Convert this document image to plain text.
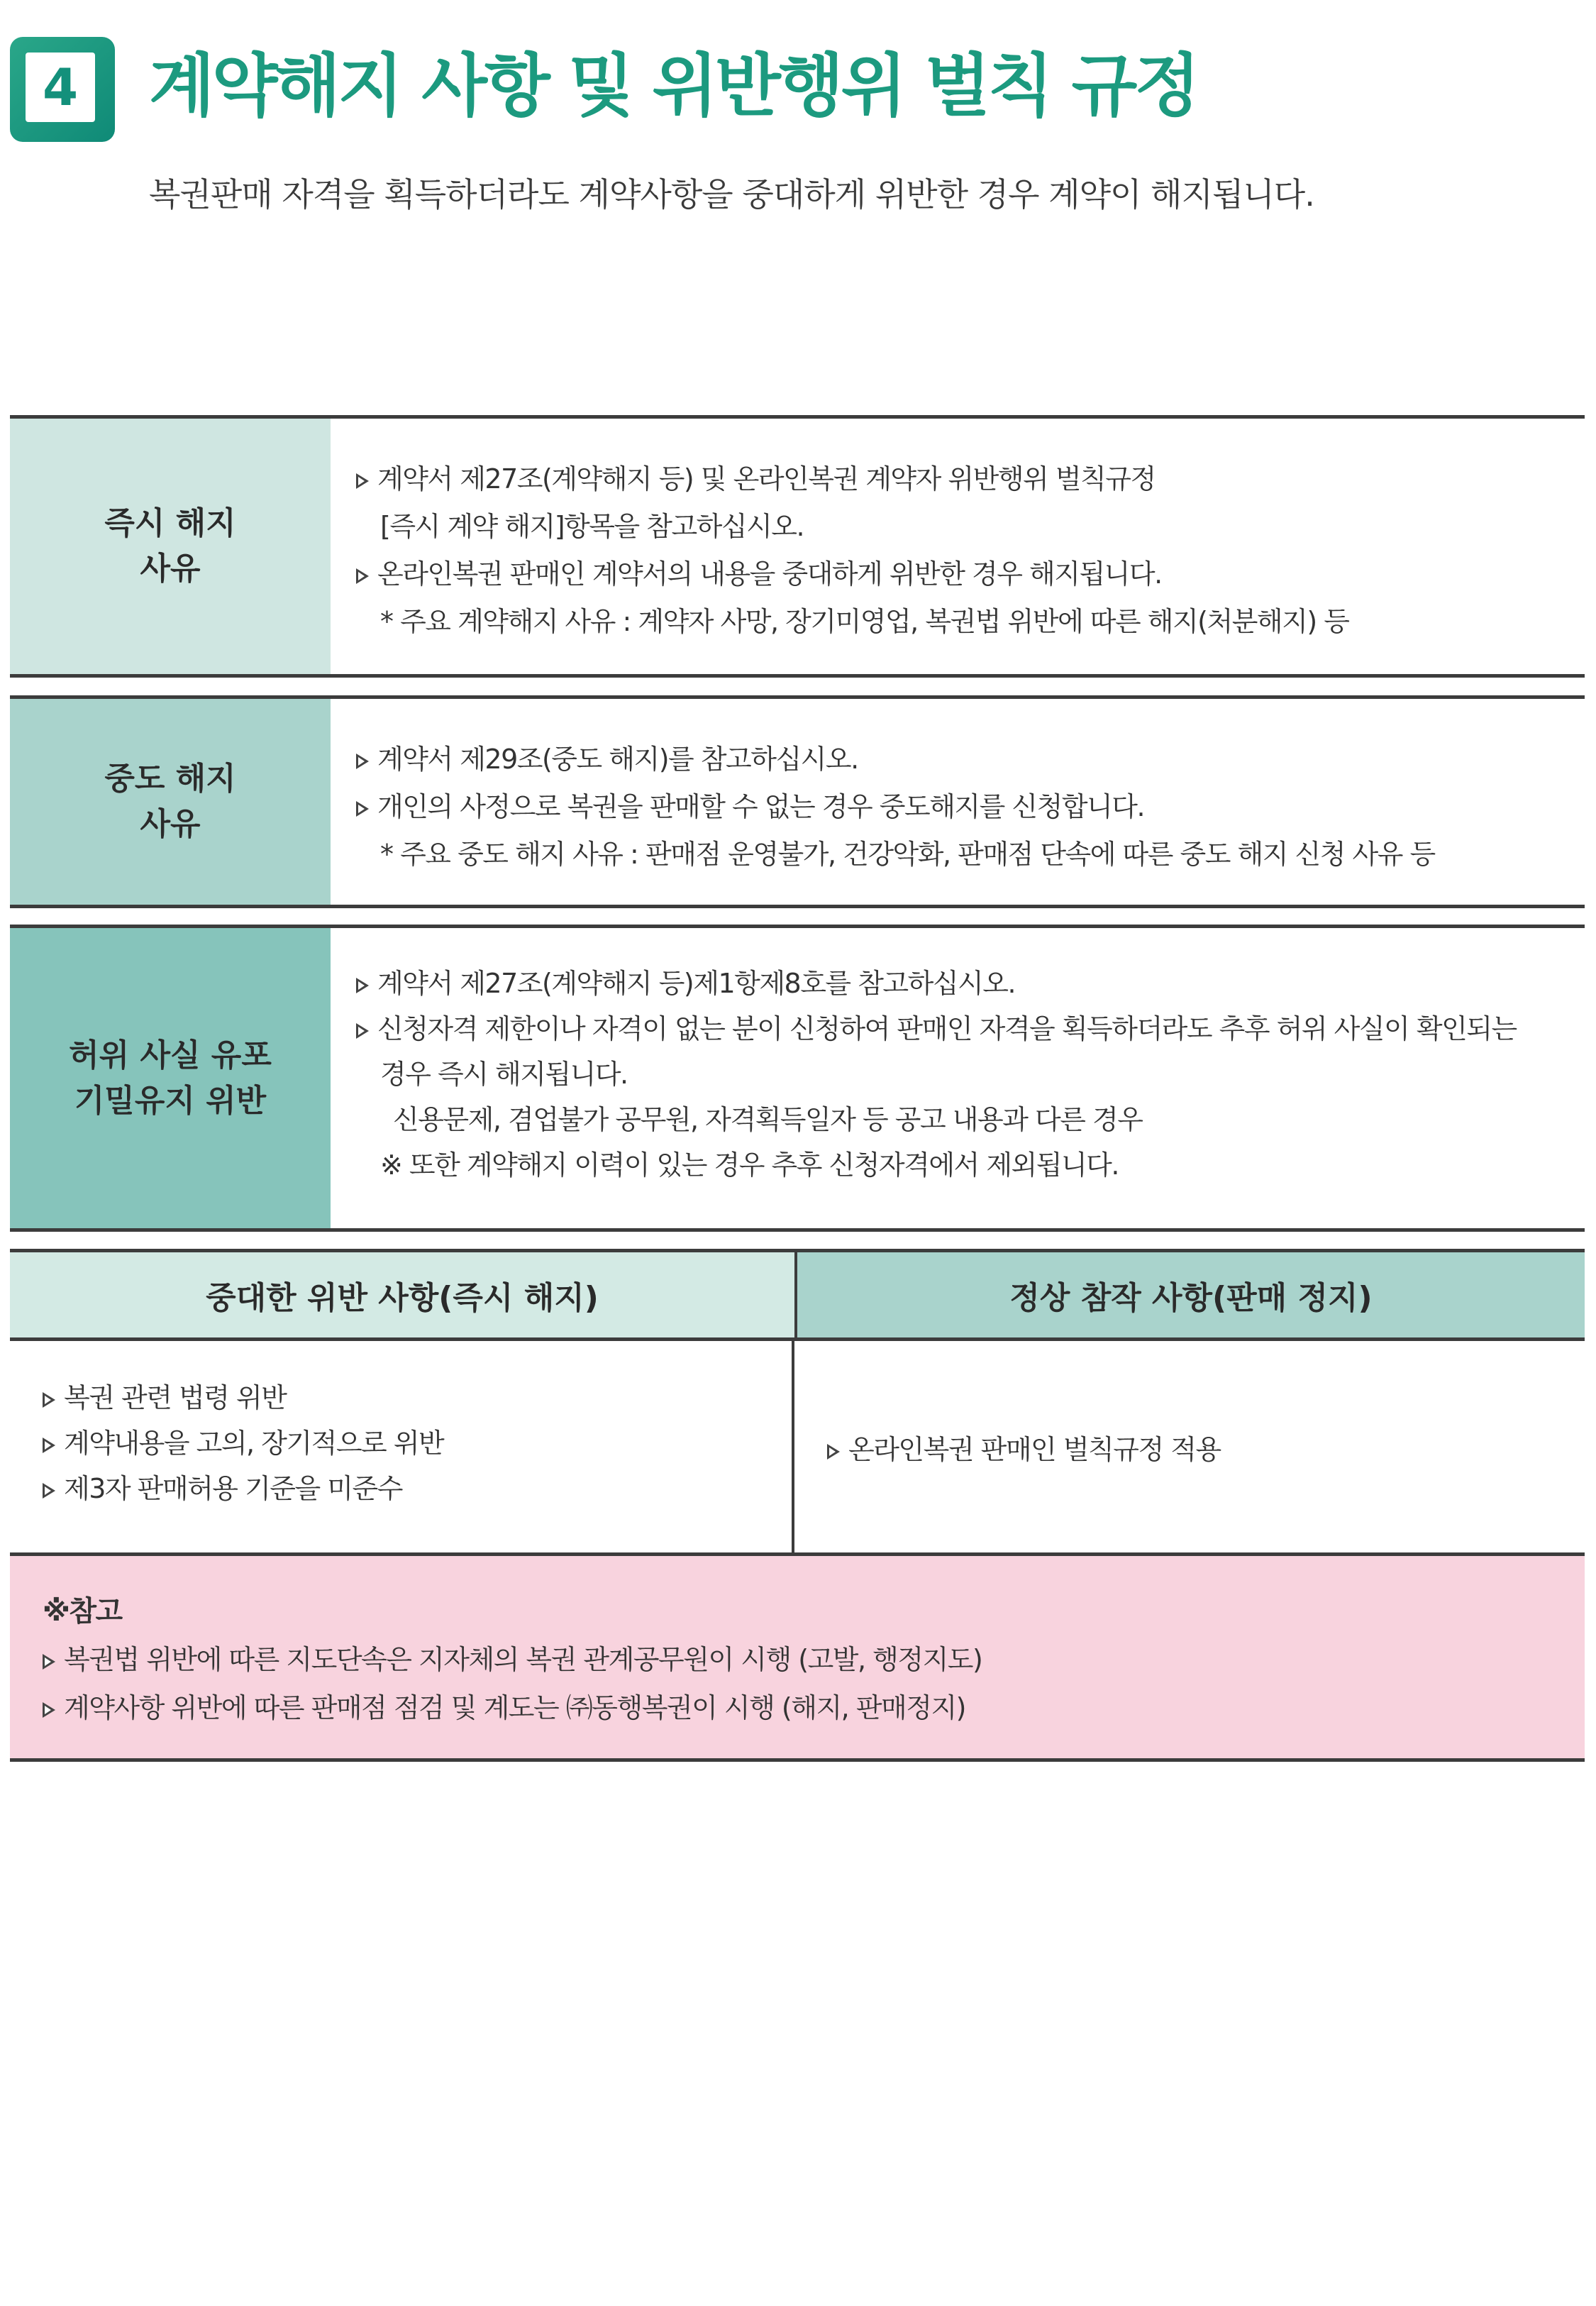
4 계약해지 사항 및 위반행위 벌칙 규정

복권판매 자격을 획득하더라도 계약사항을 중대하게 위반한 경우 계약이 해지됩니다.

즉시 해지
사유
계약서 제27조(계약해지 등) 및 온라인복권 계약자 위반행위 벌칙규정
[즉시 계약 해지]항목을 참고하십시오.
온라인복권 판매인 계약서의 내용을 중대하게 위반한 경우 해지됩니다.
* 주요 계약해지 사유 : 계약자 사망, 장기미영업, 복권법 위반에 따른 해지(처분해지) 등
중도 해지
사유
계약서 제29조(중도 해지)를 참고하십시오.
개인의 사정으로 복권을 판매할 수 없는 경우 중도해지를 신청합니다.
* 주요 중도 해지 사유 : 판매점 운영불가, 건강악화, 판매점 단속에 따른 중도 해지 신청 사유 등
허위 사실 유포
기밀유지 위반
계약서 제27조(계약해지 등)제1항제8호를 참고하십시오.
신청자격 제한이나 자격이 없는 분이 신청하여 판매인 자격을 획득하더라도 추후 허위 사실이 확인되는
경우 즉시 해지됩니다.
신용문제, 겸업불가 공무원, 자격획득일자 등 공고 내용과 다른 경우
※ 또한 계약해지 이력이 있는 경우 추후 신청자격에서 제외됩니다.
중대한 위반 사항(즉시 해지)	정상 참작 사항(판매 정지)
복권 관련 법령 위반
계약내용을 고의, 장기적으로 위반
제3자 판매허용 기준을 미준수
온라인복권 판매인 벌칙규정 적용
※참고
복권법 위반에 따른 지도단속은 지자체의 복권 관계공무원이 시행 (고발, 행정지도)
계약사항 위반에 따른 판매점 점검 및 계도는 ㈜동행복권이 시행 (해지, 판매정지)
